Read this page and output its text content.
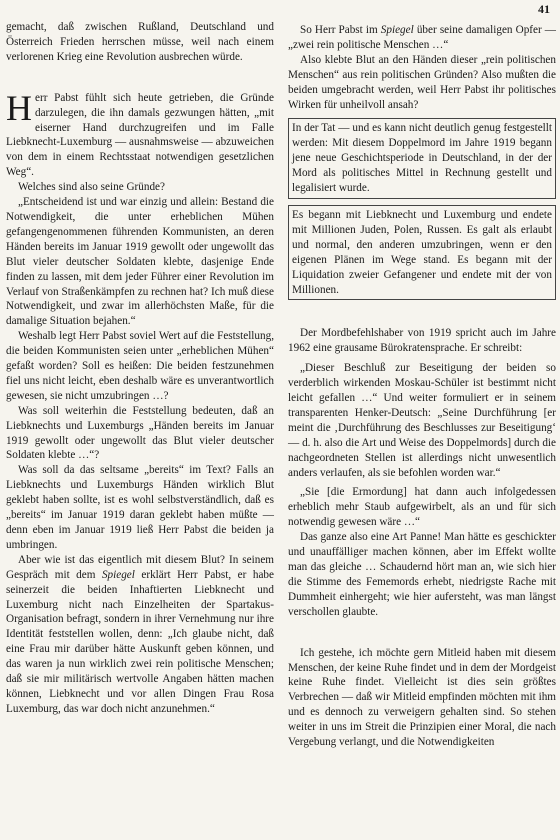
41

gemacht, daß zwischen Rußland, Deutschland und Österreich Frieden herrschen müsse, weil nach einem verlorenen Krieg eine Revolution ausbrechen würde.

Herr Pabst fühlt sich heute getrieben, die Gründe darzulegen, die ihn damals gezwungen hätten, „mit eiserner Hand durchzugreifen und im Falle Liebknecht-Luxemburg — ausnahmsweise — abzuweichen von dem in einem Rechtsstaat notwendigen gesetzlichen Weg“.

Welches sind also seine Gründe?

„Entscheidend ist und war einzig und allein: Bestand die Notwendigkeit, die unter erheblichen Mühen gefangengenommenen führenden Kommunisten, an deren Händen bereits im Januar 1919 gewollt oder ungewollt das Blut vieler deutscher Soldaten klebte, dasjenige Ende finden zu lassen, mit dem jeder Führer einer Revolution im Verlauf von Straßenkämpfen zu rechnen hat? Ich muß diese Notwendigkeit, und zwar im allerhöchsten Maße, für die damalige Situation bejahen.“

Weshalb legt Herr Pabst soviel Wert auf die Feststellung, die beiden Kommunisten seien unter „erheblichen Mühen“ gefaßt worden? Soll es heißen: Die beiden festzunehmen fiel uns nicht leicht, eben deshalb wäre es unverantwortlich gewesen, sie nicht umzubringen …?

Was soll weiterhin die Feststellung bedeuten, daß an Liebknechts und Luxemburgs „Händen bereits im Januar 1919 gewollt oder ungewollt das Blut vieler deutscher Soldaten klebte …“?

Was soll da das seltsame „bereits“ im Text? Falls an Liebknechts und Luxemburgs Händen wirklich Blut geklebt haben sollte, ist es wohl selbstverständlich, daß es „bereits“ im Januar 1919 daran geklebt haben müßte — denn eben im Januar 1919 ließ Herr Pabst die beiden ja umbringen.

Aber wie ist das eigentlich mit diesem Blut? In seinem Gespräch mit dem Spiegel erklärt Herr Pabst, er habe seinerzeit die beiden Inhaftierten Liebknecht und Luxemburg nicht nach Einzelheiten der Spartakus-Organisation befragt, sondern in ihrer Vernehmung nur ihre Identität feststellen wollen, denn: „Ich glaube nicht, daß eine Frau mir darüber hätte Auskunft geben können, und das waren ja nun wirklich zwei rein politische Menschen; daß sie mir militärisch wertvolle Angaben hätten machen können, Liebknecht und vor allen Dingen Frau Rosa Luxemburg, das war doch nicht anzunehmen.“

So Herr Pabst im Spiegel über seine damaligen Opfer — „zwei rein politische Menschen …“

Also klebte Blut an den Händen dieser „rein politischen Menschen“ aus rein politischen Gründen? Also mußten die beiden umgebracht werden, weil Herr Pabst ihr politisches Wirken für unheilvoll ansah?

In der Tat — und es kann nicht deutlich genug festgestellt werden: Mit diesem Doppelmord im Jahre 1919 begann jene neue Geschichtsperiode in Deutschland, in der der Mord als politisches Mittel in Rechnung gestellt und legalisiert wurde.

Es begann mit Liebknecht und Luxemburg und endete mit Millionen Juden, Polen, Russen. Es galt als erlaubt und normal, den anderen umzubringen, wenn er den eigenen Plänen im Wege stand. Es begann mit der Liquidation zweier Gefangener und endete mit der von Millionen.

Der Mordbefehlshaber von 1919 spricht auch im Jahre 1962 eine grausame Bürokratensprache. Er schreibt:

„Dieser Beschluß zur Beseitigung der beiden so verderblich wirkenden Moskau-Schüler ist bestimmt nicht leicht gefallen …“ Und weiter formuliert er in seinem transparenten Henker-Deutsch: „Seine Durchführung [er meint die ‚Durchführung des Beschlusses zur Beseitigung‘ — d. h. also die Art und Weise des Doppelmords] durch die nachgeordneten Stellen ist allerdings nicht unwesentlich anders verlaufen, als sie befohlen worden war.“

„Sie [die Ermordung] hat dann auch infolgedessen erheblich mehr Staub aufgewirbelt, als an und für sich notwendig gewesen wäre …“

Das ganze also eine Art Panne! Man hätte es geschickter und unauffälliger machen können, aber im Effekt wollte man das gleiche … Schaudernd hört man an, wie sich hier die Stimme des Fememords erhebt, niedrigste Rache mit Dummheit einhergeht; wie hier aufersteht, was man längst verschollen glaubte.

Ich gestehe, ich möchte gern Mitleid haben mit diesem Menschen, der keine Ruhe findet und in dem der Mordgeist keine Ruhe findet. Vielleicht ist dies sein größtes Verbrechen — daß wir Mitleid empfinden möchten mit ihm und es dennoch zu verweigern gehalten sind. So stehen weiter in uns im Streit die Prinzipien einer Moral, die nach Vergebung verlangt, und die Notwendigkeiten
